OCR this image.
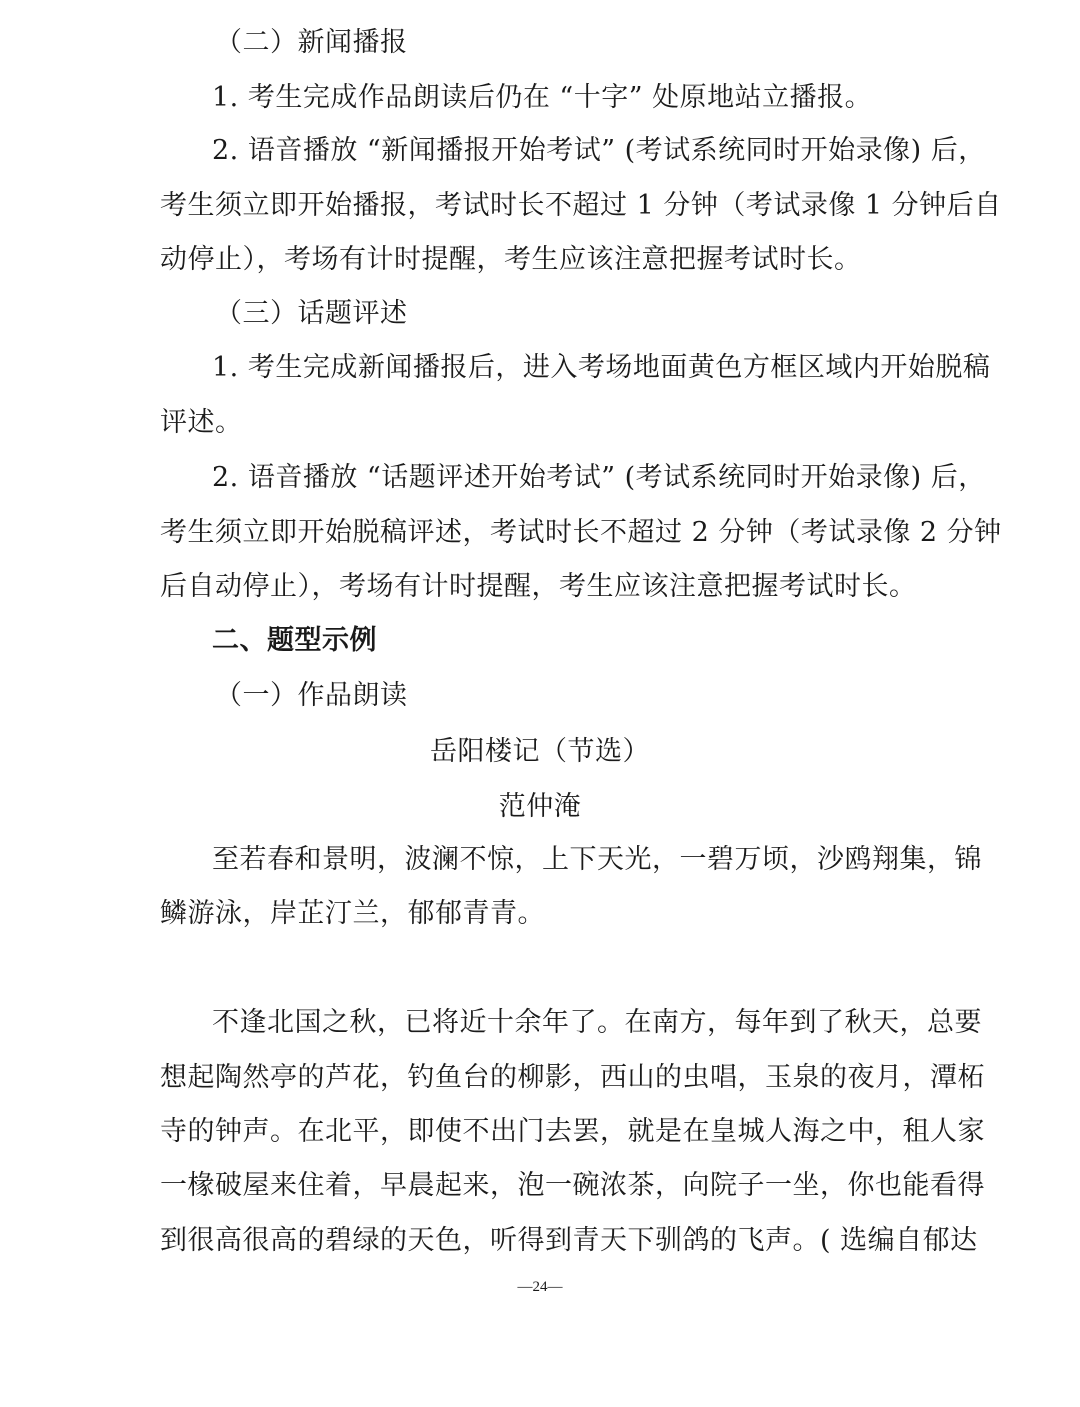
（二）新闻播报
1. 考生完成作品朗读后仍在 “十字” 处原地站立播报。
2. 语音播放 “新闻播报开始考试” (考试系统同时开始录像) 后，
考生须立即开始播报，考试时长不超过 1 分钟（考试录像 1 分钟后自
动停止），考场有计时提醒，考生应该注意把握考试时长。
（三）话题评述
1. 考生完成新闻播报后，进入考场地面黄色方框区域内开始脱稿
评述。
2. 语音播放 “话题评述开始考试” (考试系统同时开始录像) 后，
考生须立即开始脱稿评述，考试时长不超过 2 分钟（考试录像 2 分钟
后自动停止），考场有计时提醒，考生应该注意把握考试时长。
二、题型示例
（一）作品朗读
岳阳楼记（节选）
范仲淹
至若春和景明，波澜不惊，上下天光，一碧万顷，沙鸥翔集，锦
鳞游泳，岸芷汀兰，郁郁青青。
不逢北国之秋，已将近十余年了。在南方，每年到了秋天，总要
想起陶然亭的芦花，钓鱼台的柳影，西山的虫唱，玉泉的夜月，潭柘
寺的钟声。在北平，即使不出门去罢，就是在皇城人海之中，租人家
一椽破屋来住着，早晨起来，泡一碗浓茶，向院子一坐，你也能看得
到很高很高的碧绿的天色，听得到青天下驯鸽的飞声。( 选编自郁达
—24—
